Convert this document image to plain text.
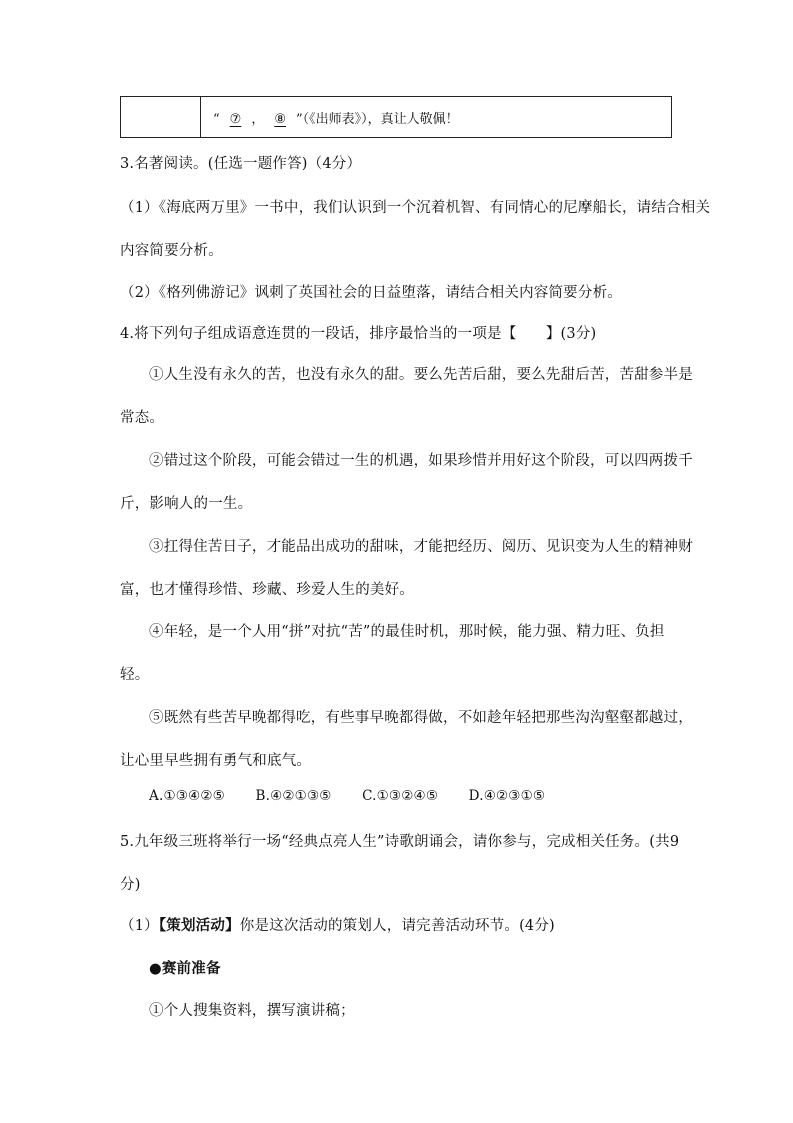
“ ⑦ ， ⑧ ”（《出师表》），真让人敬佩！
3.名著阅读。(任选一题作答)（4分）
（1）《海底两万里》一书中，我们认识到一个沉着机智、有同情心的尼摩船长，请结合相关
内容简要分析。
（2）《格列佛游记》讽刺了英国社会的日益堕落，请结合相关内容简要分析。
4.将下列句子组成语意连贯的一段话，排序最恰当的一项是【　　】(3分)
①人生没有永久的苦，也没有永久的甜。要么先苦后甜，要么先甜后苦，苦甜参半是
常态。
②错过这个阶段，可能会错过一生的机遇，如果珍惜并用好这个阶段，可以四两拨千
斤，影响人的一生。
③扛得住苦日子，才能品出成功的甜味，才能把经历、阅历、见识变为人生的精神财
富，也才懂得珍惜、珍藏、珍爱人生的美好。
④年轻，是一个人用“拼”对抗“苦”的最佳时机，那时候，能力强、精力旺、负担
轻。
⑤既然有些苦早晚都得吃，有些事早晚都得做，不如趁年轻把那些沟沟壑壑都越过，
让心里早些拥有勇气和底气。
A.①③④②⑤ B.④②①③⑤ C.①③②④⑤ D.④②③①⑤
5.九年级三班将举行一场“经典点亮人生”诗歌朗诵会，请你参与，完成相关任务。(共9
分)
（1）【策划活动】你是这次活动的策划人，请完善活动环节。(4分)
●赛前准备
①个人搜集资料，撰写演讲稿；
